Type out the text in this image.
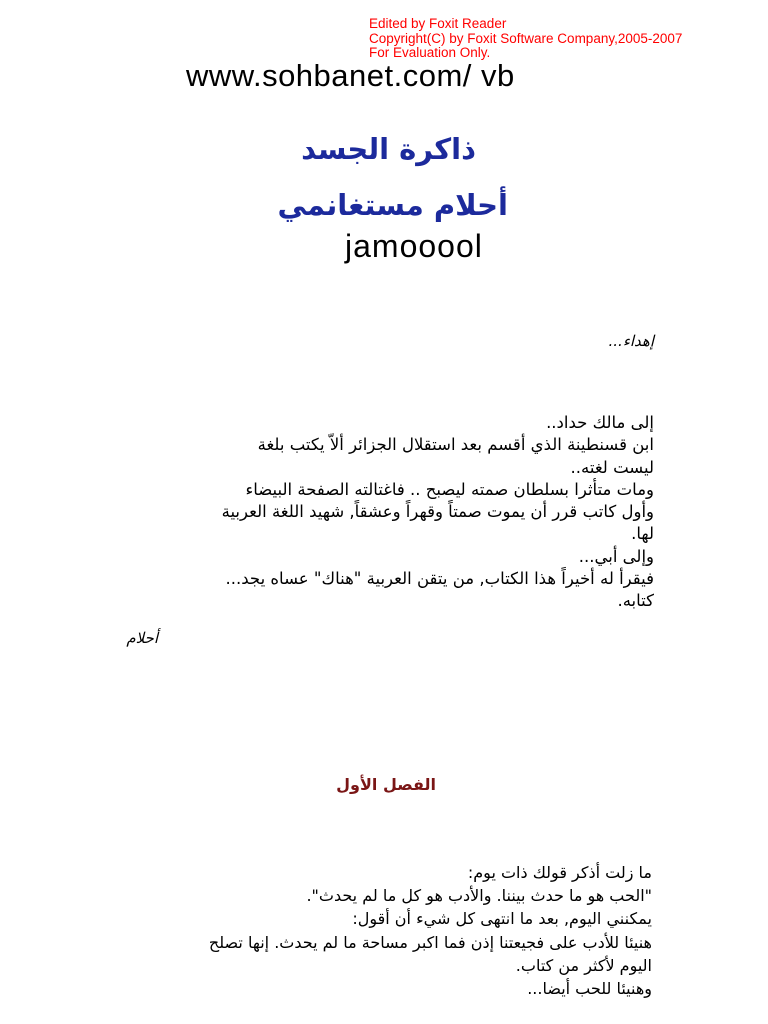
Edited by Foxit Reader
Copyright(C) by Foxit Software Company,2005-2007
For Evaluation Only.
www.sohbanet.com/ vb
ذاكرة الجسد
أحلام مستغانمي
jamooool
إهداء...
إلى مالك حداد..
ابن قسنطينة الذي أقسم بعد استقلال الجزائر ألاّ يكتب بلغة
ليست لغته..
ومات متأثرا بسلطان صمته ليصبح .. فاغتالته الصفحة البيضاء
وأول كاتب قرر أن يموت صمتاً وقهراً وعشقاً, شهيد اللغة العربية
لها.
وإلى أبي...
فيقرأ له أخيراً هذا الكتاب, من يتقن العربية "هناك" عساه يجد...
كتابه.
أحلام
الفصل الأول
ما زلت أذكر قولك ذات يوم:
"الحب هو ما حدث بيننا. والأدب هو كل ما لم يحدث".
يمكنني اليوم, بعد ما انتهى كل شيء أن أقول:
هنيئا للأدب على فجيعتنا إذن فما اكبر مساحة ما لم يحدث. إنها تصلح
اليوم لأكثر من كتاب.
وهنيئا للحب أيضا...
